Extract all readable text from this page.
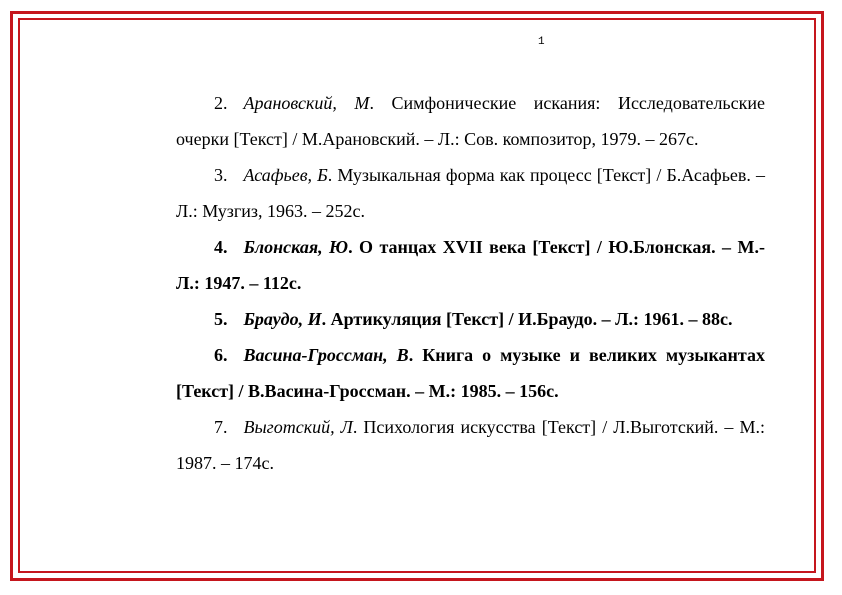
1

2. Арановский, М. Симфонические искания: Исследовательские очерки [Текст] / М.Арановский. – Л.: Сов. композитор, 1979. – 267с.

3. Асафьев, Б. Музыкальная форма как процесс [Текст] / Б.Асафьев. – Л.: Музгиз, 1963. – 252с.

4. Блонская, Ю. О танцах XVII века [Текст] / Ю.Блонская. – М.-Л.: 1947. – 112с.

5. Браудо, И. Артикуляция [Текст] / И.Браудо. – Л.: 1961. – 88с.

6. Васина-Гроссман, В. Книга о музыке и великих музыкантах [Текст] / В.Васина-Гроссман. – М.: 1985. – 156с.

7. Выготский, Л. Психология искусства [Текст] / Л.Выготский. – М.: 1987. – 174с.
